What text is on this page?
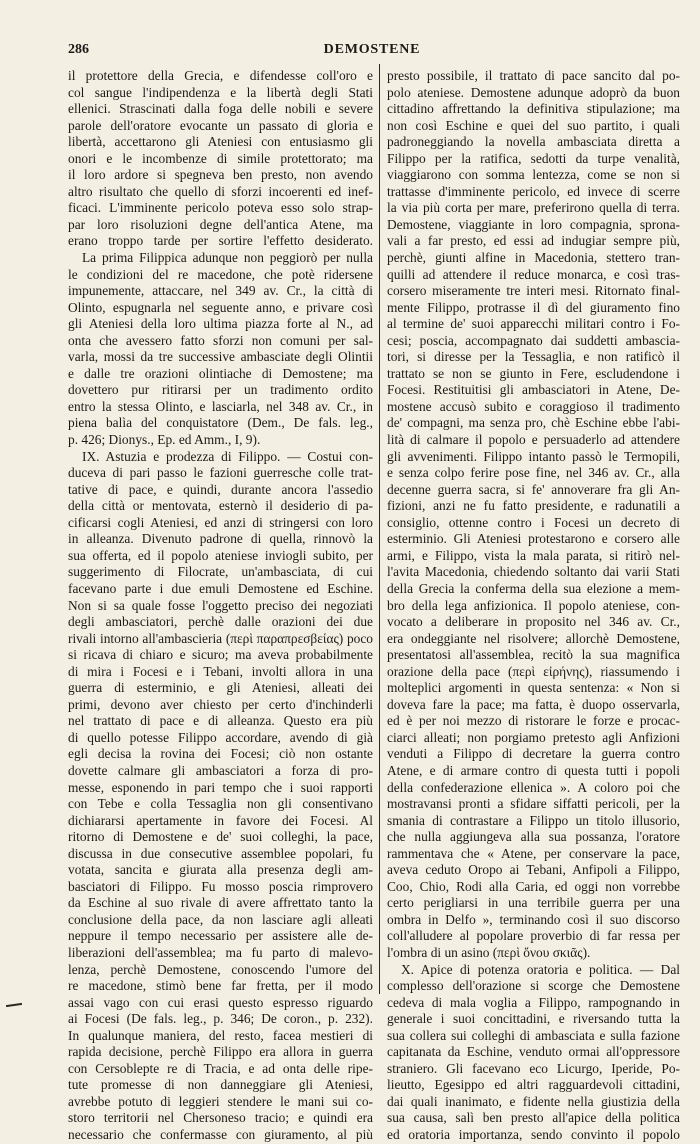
286	DEMOSTENE
il protettore della Grecia, e difendesse coll'oro e
col sangue l'indipendenza e la libertà degli Stati
ellenici. Strascinati dalla foga delle nobili e severe
parole dell'oratore evocante un passato di gloria e
libertà, accettarono gli Ateniesi con entusiasmo gli
onori e le incombenze di simile protettorato; ma
il loro ardore si spegneva ben presto, non avendo
altro risultato che quello di sforzi incoerenti ed inef-
ficaci. L'imminente pericolo poteva esso solo strap-
par loro risoluzioni degne dell'antica Atene, ma
erano troppo tarde per sortire l'effetto desiderato.
La prima Filippica adunque non peggiorò per nulla
le condizioni del re macedone, che potè ridersene
impunemente, attaccare, nel 349 av. Cr., la città di
Olinto, espugnarla nel seguente anno, e privare così
gli Ateniesi della loro ultima piazza forte al N., ad
onta che avessero fatto sforzi non comuni per sal-
varla, mossi da tre successive ambasciate degli Olintii
e dalle tre orazioni olintiache di Demostene; ma
dovettero pur ritirarsi per un tradimento ordito
entro la stessa Olinto, e lasciarla, nel 348 av. Cr., in
piena balìa del conquistatore (Dem., De fals. leg.,
p. 426; Dionys., Ep. ed Amm., I, 9).
IX. Astuzia e prodezza di Filippo. — Costui con-
duceva di pari passo le fazioni guerresche colle trat-
tative di pace, e quindi, durante ancora l'assedio
della città or mentovata, esternò il desiderio di pa-
cificarsi cogli Ateniesi, ed anzi di stringersi con loro
in alleanza. Divenuto padrone di quella, rinnovò la
sua offerta, ed il popolo ateniese inviogli subito, per
suggerimento di Filocrate, un'ambasciata, di cui
facevano parte i due emuli Demostene ed Eschine.
Non si sa quale fosse l'oggetto preciso dei negoziati
degli ambasciatori, perchè dalle orazioni dei due
rivali intorno all'ambascieria (περὶ παραπρεσβείας) poco
si ricava di chiaro e sicuro; ma aveva probabilmente
di mira i Focesi e i Tebani, involti allora in una
guerra di esterminio, e gli Ateniesi, alleati dei
primi, devono aver chiesto per certo d'inchinderli
nel trattato di pace e di alleanza. Questo era più
di quello potesse Filippo accordare, avendo di già
egli decisa la rovina dei Focesi; ciò non ostante
dovette calmare gli ambasciatori a forza di pro-
messe, esponendo in pari tempo che i suoi rapporti
con Tebe e colla Tessaglia non gli consentivano
dichiararsi apertamente in favore dei Focesi. Al
ritorno di Demostene e de' suoi colleghi, la pace,
discussa in due consecutive assemblee popolari, fu
votata, sancita e giurata alla presenza degli am-
basciatori di Filippo. Fu mosso poscia rimprovero
da Eschine al suo rivale di avere affrettato tanto la
conclusione della pace, da non lasciare agli alleati
neppure il tempo necessario per assistere alle de-
liberazioni dell'assemblea; ma fu parto di malevo-
lenza, perchè Demostene, conoscendo l'umore del
re macedone, stimò bene far fretta, per il modo
assai vago con cui erasi questo espresso riguardo
ai Focesi (De fals. leg., p. 346; De coron., p. 232).
In qualunque maniera, del resto, facea mestieri di
rapida decisione, perchè Filippo era allora in guerra
con Cersoblepte re di Tracia, e ad onta delle ripe-
tute promesse di non danneggiare gli Ateniesi,
avrebbe potuto di leggieri stendere le mani sui co-
storo territorii nel Chersoneso tracio; e quindi era
necessario che confermasse con giuramento, al più
presto possibile, il trattato di pace sancito dal po-
polo ateniese. Demostene adunque adoprò da buon
cittadino affrettando la definitiva stipulazione; ma
non così Eschine e quei del suo partito, i quali
padroneggiando la novella ambasciata diretta a
Filippo per la ratifica, sedotti da turpe venalità,
viaggiarono con somma lentezza, come se non si
trattasse d'imminente pericolo, ed invece di scerre
la via più corta per mare, preferirono quella di terra.
Demostene, viaggiante in loro compagnia, sprona-
vali a far presto, ed essi ad indugiar sempre più,
perchè, giunti alfine in Macedonia, stettero tran-
quilli ad attendere il reduce monarca, e così tras-
corsero miseramente tre interi mesi. Ritornato final-
mente Filippo, protrasse il dì del giuramento fino
al termine de' suoi apparecchi militari contro i Fo-
cesi; poscia, accompagnato dai suddetti ambascia-
tori, si diresse per la Tessaglia, e non ratificò il
trattato se non se giunto in Fere, escludendone i
Focesi. Restituitisi gli ambasciatori in Atene, De-
mostene accusò subito e coraggioso il tradimento
de' compagni, ma senza pro, chè Eschine ebbe l'abi-
lità di calmare il popolo e persuaderlo ad attendere
gli avvenimenti. Filippo intanto passò le Termopili,
e senza colpo ferire pose fine, nel 346 av. Cr., alla
decenne guerra sacra, si fe' annoverare fra gli An-
fizioni, anzi ne fu fatto presidente, e radunatili a
consiglio, ottenne contro i Focesi un decreto di
esterminio. Gli Ateniesi protestarono e corsero alle
armi, e Filippo, vista la mala parata, si ritirò nel-
l'avita Macedonia, chiedendo soltanto dai varii Stati
della Grecia la conferma della sua elezione a mem-
bro della lega anfizionica. Il popolo ateniese, con-
vocato a deliberare in proposito nel 346 av. Cr.,
era ondeggiante nel risolvere; allorchè Demostene,
presentatosi all'assemblea, recitò la sua magnifica
orazione della pace (περὶ εἰρήνης), riassumendo i
molteplici argomenti in questa sentenza: « Non si
doveva fare la pace; ma fatta, è duopo osservarla,
ed è per noi mezzo di ristorare le forze e procac-
ciarci alleati; non porgiamo pretesto agli Anfizioni
venduti a Filippo di decretare la guerra contro
Atene, e di armare contro di questa tutti i popoli
della confederazione ellenica ». A coloro poi che
mostravansi pronti a sfidare siffatti pericoli, per la
smania di contrastare a Filippo un titolo illusorio,
che nulla aggiungeva alla sua possanza, l'oratore
rammentava che « Atene, per conservare la pace,
aveva ceduto Oropo ai Tebani, Anfipoli a Filippo,
Coo, Chio, Rodi alla Caria, ed oggi non vorrebbe
certo perigliarsi in una terribile guerra per una
ombra in Delfo », terminando così il suo discorso
coll'alludere al popolare proverbio di far ressa per
l'ombra di un asino (περὶ ὄνου σκιᾶς).
X. Apice di potenza oratoria e politica. — Dal
complesso dell'orazione si scorge che Demostene
cedeva di mala voglia a Filippo, rampognando in
generale i suoi concittadini, e riversando tutta la
sua collera sui colleghi di ambasciata e sulla fazione
capitanata da Eschine, venduto ormai all'oppressore
straniero. Gli facevano eco Licurgo, Iperide, Po-
lieutto, Egesippo ed altri ragguardevoli cittadini,
dai quali inanimato, e fidente nella giustizia della
sua causa, salì ben presto all'apice della politica
ed oratoria importanza, sendo convinto il popolo
